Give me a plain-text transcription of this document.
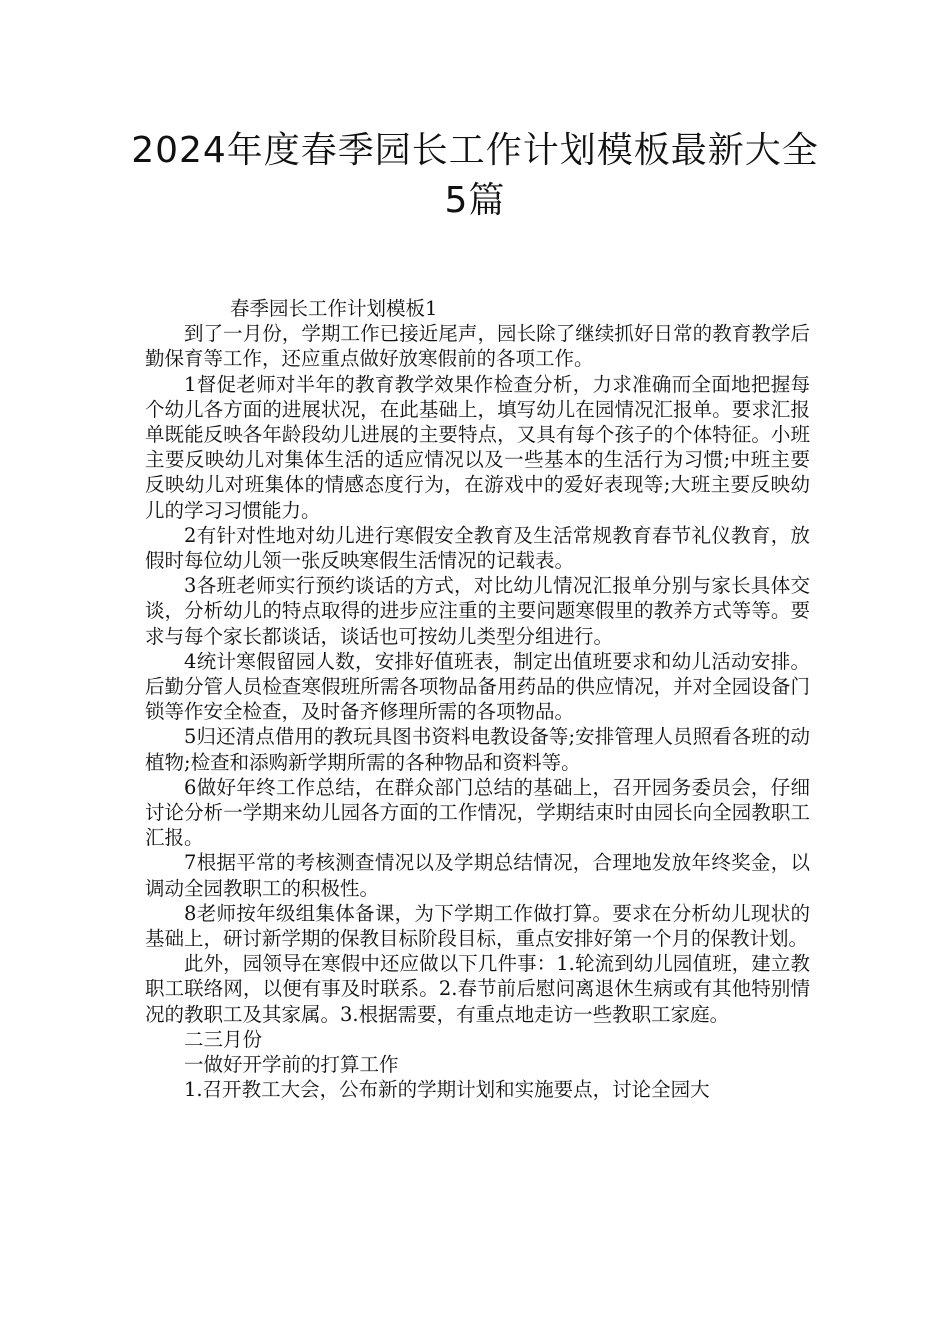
2024年度春季园长工作计划模板最新大全5篇

春季园长工作计划模板1

到了一月份，学期工作已接近尾声，园长除了继续抓好日常的教育教学后勤保育等工作，还应重点做好放寒假前的各项工作。

1督促老师对半年的教育教学效果作检查分析，力求准确而全面地把握每个幼儿各方面的进展状况，在此基础上，填写幼儿在园情况汇报单。要求汇报单既能反映各年龄段幼儿进展的主要特点，又具有每个孩子的个体特征。小班主要反映幼儿对集体生活的适应情况以及一些基本的生活行为习惯;中班主要反映幼儿对班集体的情感态度行为，在游戏中的爱好表现等;大班主要反映幼儿的学习习惯能力。

2有针对性地对幼儿进行寒假安全教育及生活常规教育春节礼仪教育，放假时每位幼儿领一张反映寒假生活情况的记载表。

3各班老师实行预约谈话的方式，对比幼儿情况汇报单分别与家长具体交谈，分析幼儿的特点取得的进步应注重的主要问题寒假里的教养方式等等。要求与每个家长都谈话，谈话也可按幼儿类型分组进行。

4统计寒假留园人数，安排好值班表，制定出值班要求和幼儿活动安排。后勤分管人员检查寒假班所需各项物品备用药品的供应情况，并对全园设备门锁等作安全检查，及时备齐修理所需的各项物品。

5归还清点借用的教玩具图书资料电教设备等;安排管理人员照看各班的动植物;检查和添购新学期所需的各种物品和资料等。

6做好年终工作总结，在群众部门总结的基础上，召开园务委员会，仔细讨论分析一学期来幼儿园各方面的工作情况，学期结束时由园长向全园教职工汇报。

7根据平常的考核测查情况以及学期总结情况，合理地发放年终奖金，以调动全园教职工的积极性。

8老师按年级组集体备课，为下学期工作做打算。要求在分析幼儿现状的基础上，研讨新学期的保教目标阶段目标，重点安排好第一个月的保教计划。

此外，园领导在寒假中还应做以下几件事：1.轮流到幼儿园值班，建立教职工联络网，以便有事及时联系。2.春节前后慰问离退休生病或有其他特别情况的教职工及其家属。3.根据需要，有重点地走访一些教职工家庭。

二三月份

一做好开学前的打算工作

1.召开教工大会，公布新的学期计划和实施要点，讨论全园大
